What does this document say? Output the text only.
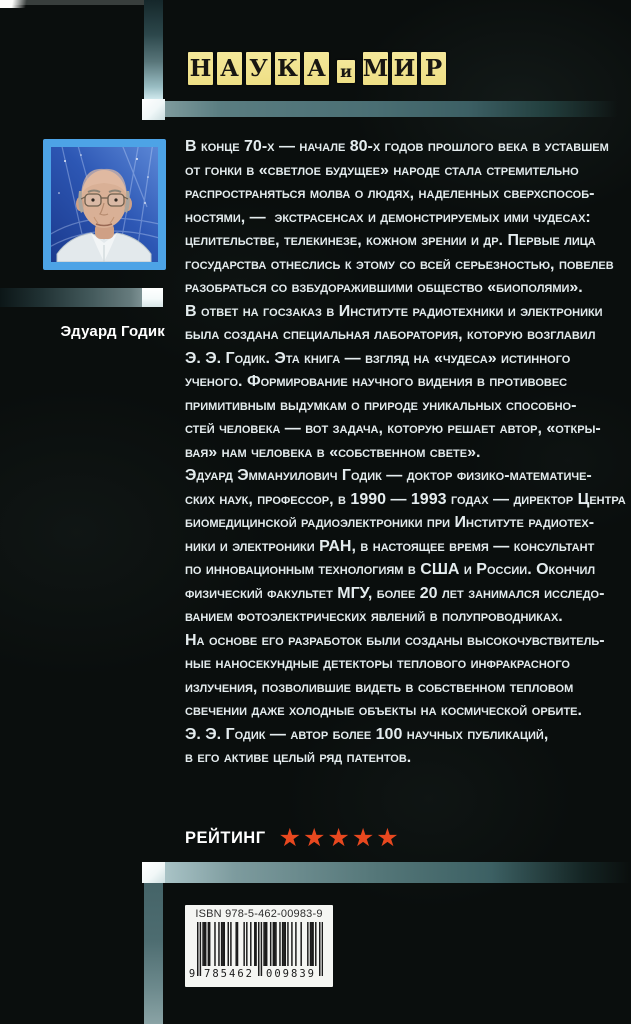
Н А У К А и М И Р
Эдуард Годик
В конце 70-х — начале 80-х годов прошлого века в уставшем
от гонки в «светлое будущее» народе стала стремительно
распространяться молва о людях, наделенных сверхспособ-
ностями, —  экстрасенсах и демонстрируемых ими чудесах:
целительстве, телекинезе, кожном зрении и др. Первые лица
государства отнеслись к этому со всей серьезностью, повелев
разобраться со взбудоражившими общество «биополями».
В ответ на госзаказ в Институте радиотехники и электроники
была создана специальная лаборатория, которую возглавил
Э. Э. Годик. Эта книга — взгляд на «чудеса» истинного
ученого. Формирование научного видения в противовес
примитивным выдумкам о природе уникальных способно-
стей человека — вот задача, которую решает автор, «откры-
вая» нам человека в «собственном свете».
Эдуард Эммануилович Годик — доктор физико-математиче-
ских наук, профессор, в 1990 — 1993 годах — директор Центра
биомедицинской радиоэлектроники при Институте радиотех-
ники и электроники РАН, в настоящее время — консультант
по инновационным технологиям в США и России. Окончил
физический факультет МГУ, более 20 лет занимался исследо-
ванием фотоэлектрических явлений в полупроводниках.
На основе его разработок были созданы высокочувствитель-
ные наносекундные детекторы теплового инфракрасного
излучения, позволившие видеть в собственном тепловом
свечении даже холодные объекты на космической орбите.
Э. Э. Годик — автор более 100 научных публикаций,
в его активе целый ряд патентов.
РЕЙТИНГ ★ ★ ★ ★ ★
ISBN 978-5-462-00983-9
9 785462 009839
